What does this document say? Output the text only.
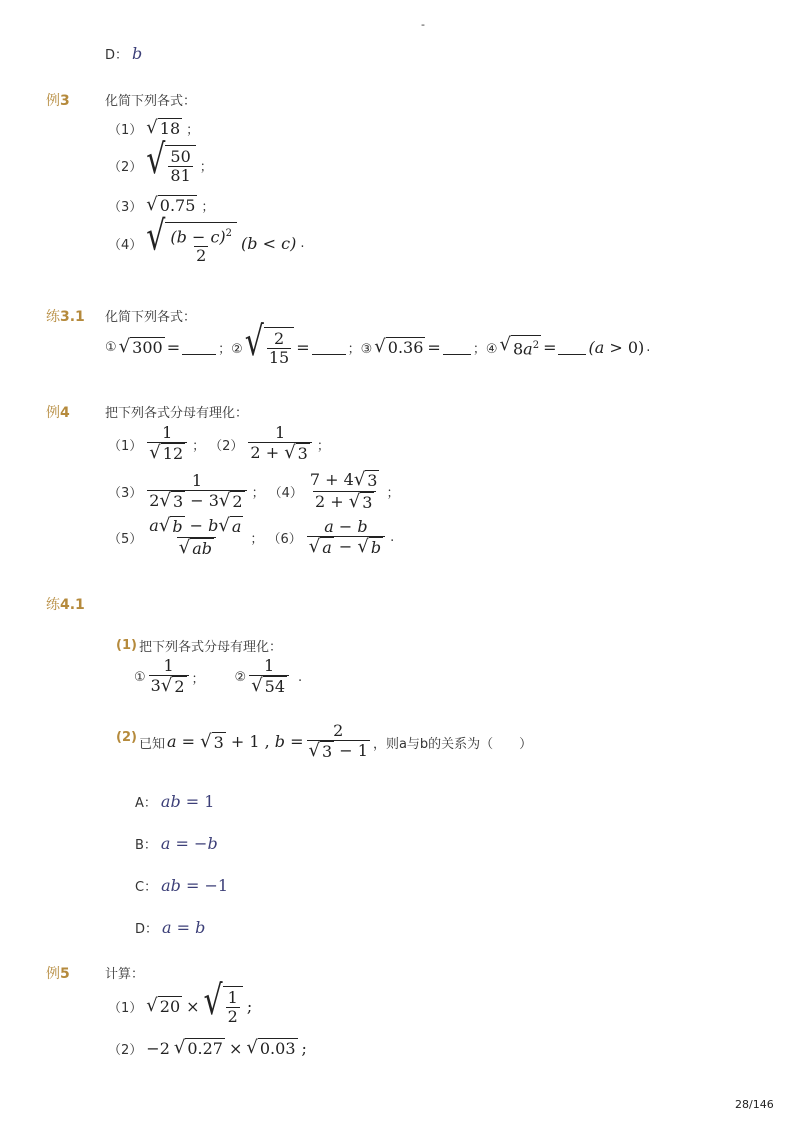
-
D： b
例3	化简下列各式：
（1） √ 18 ；
（2） √ $\frac{50}{81}$ ；
（3） √ 0.75 ；
（4） √ $\frac{(b - c)^2}{2} (b < c)$ .
练3.1 化简下列各式：
① √ 300 =	；② √ $\frac{2}{15}$ =	；③ √ 0.36 = ；④ √ $8a^2 = (a > 0)$ .
例4	把下列各式分母有理化：
$(1) \frac{1}{√ 12}$ ； $(2) \frac{1}{2 + √ 3}$ ；
$(3) \frac{1}{2 √ 3 - 3 √ 2}$ ； $(4) \frac{7 + 4 √ 3}{2 + √ 3}$ ；
$(5) \frac{a √ b - b √ a}{√ ab}$ ； $(6) \frac{a - b}{√ a - √ b}$ .
练4.1
(1) 把下列各式分母有理化：
① $\frac{1}{3 √ 2}$ ； ② $\frac{1}{√ 54}$ .
(2) 已知 a = √ 3 + 1 , $b = \frac{2}{√ 3 - 1}$ ，则a与b的关系为（　　）
A： ab = 1
B： a = −b
C： ab = −1
D： a = b
例5	计算：
（1） √ 20 × √ $\frac{1}{2}$ ;
（2） −2 √ 0.27 × √ 0.03 ;
28/146
